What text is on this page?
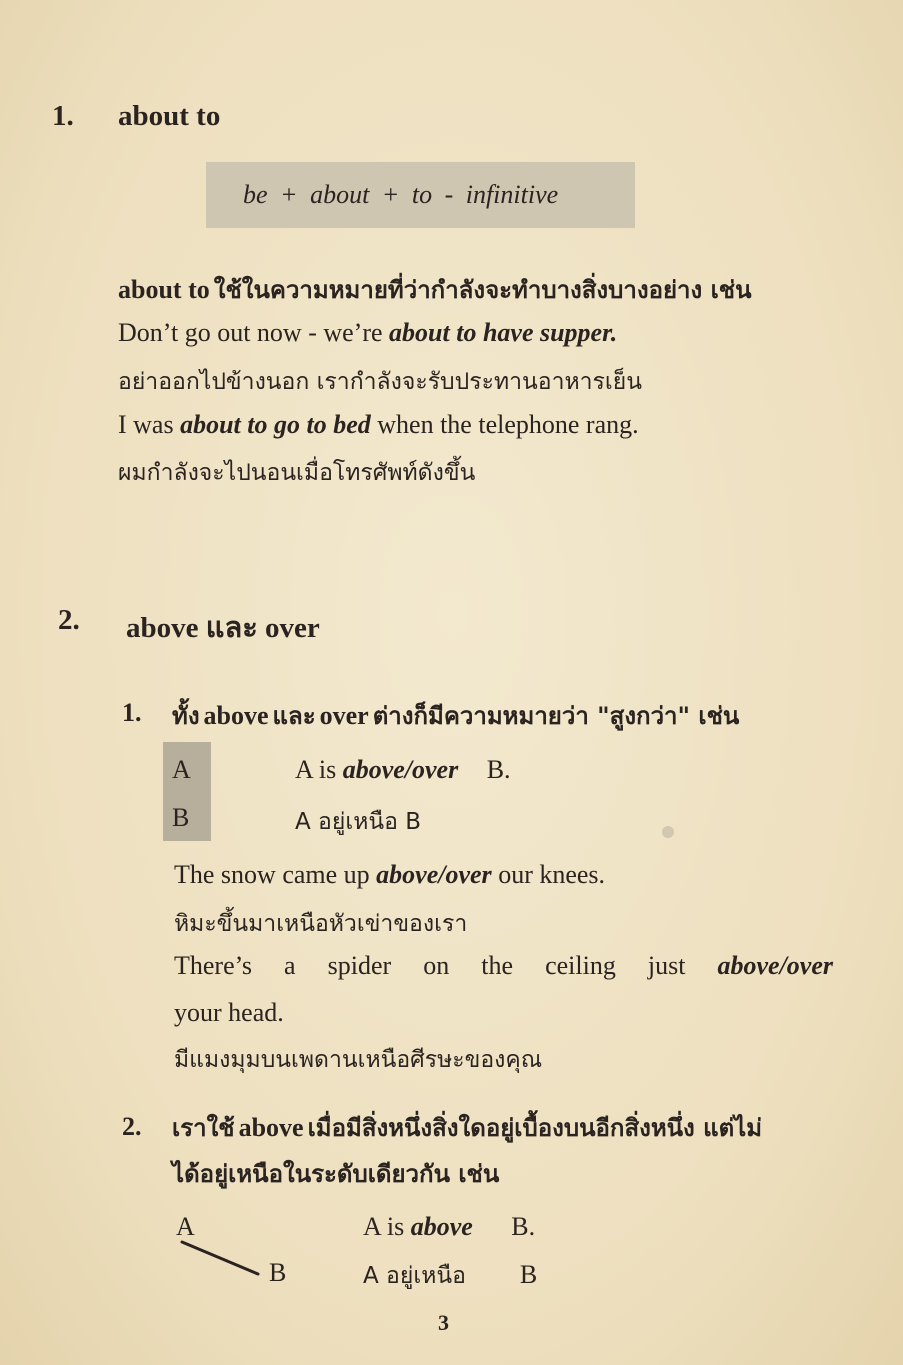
1. about to
be + about + to - infinitive
about to ใช้ในความหมายที่ว่ากำลังจะทำบางสิ่งบางอย่าง เช่น
Don’t go out now - we’re about to have supper.
อย่าออกไปข้างนอก เรากำลังจะรับประทานอาหารเย็น
I was about to go to bed when the telephone rang.
ผมกำลังจะไปนอนเมื่อโทรศัพท์ดังขึ้น
2. above และ over
1. ทั้ง above และ over ต่างก็มีความหมายว่า "สูงกว่า" เช่น
A
B
A is above/over B.
A อยู่เหนือ B
The snow came up above/over our knees.
หิมะขึ้นมาเหนือหัวเข่าของเรา
There’s a spider on the ceiling just above/over
your head.
มีแมงมุมบนเพดานเหนือศีรษะของคุณ
2. เราใช้ above เมื่อมีสิ่งหนึ่งสิ่งใดอยู่เบื้องบนอีกสิ่งหนึ่ง แต่ไม่
ได้อยู่เหนือในระดับเดียวกัน เช่น
A
B
A is above B.
A อยู่เหนือ B
3
